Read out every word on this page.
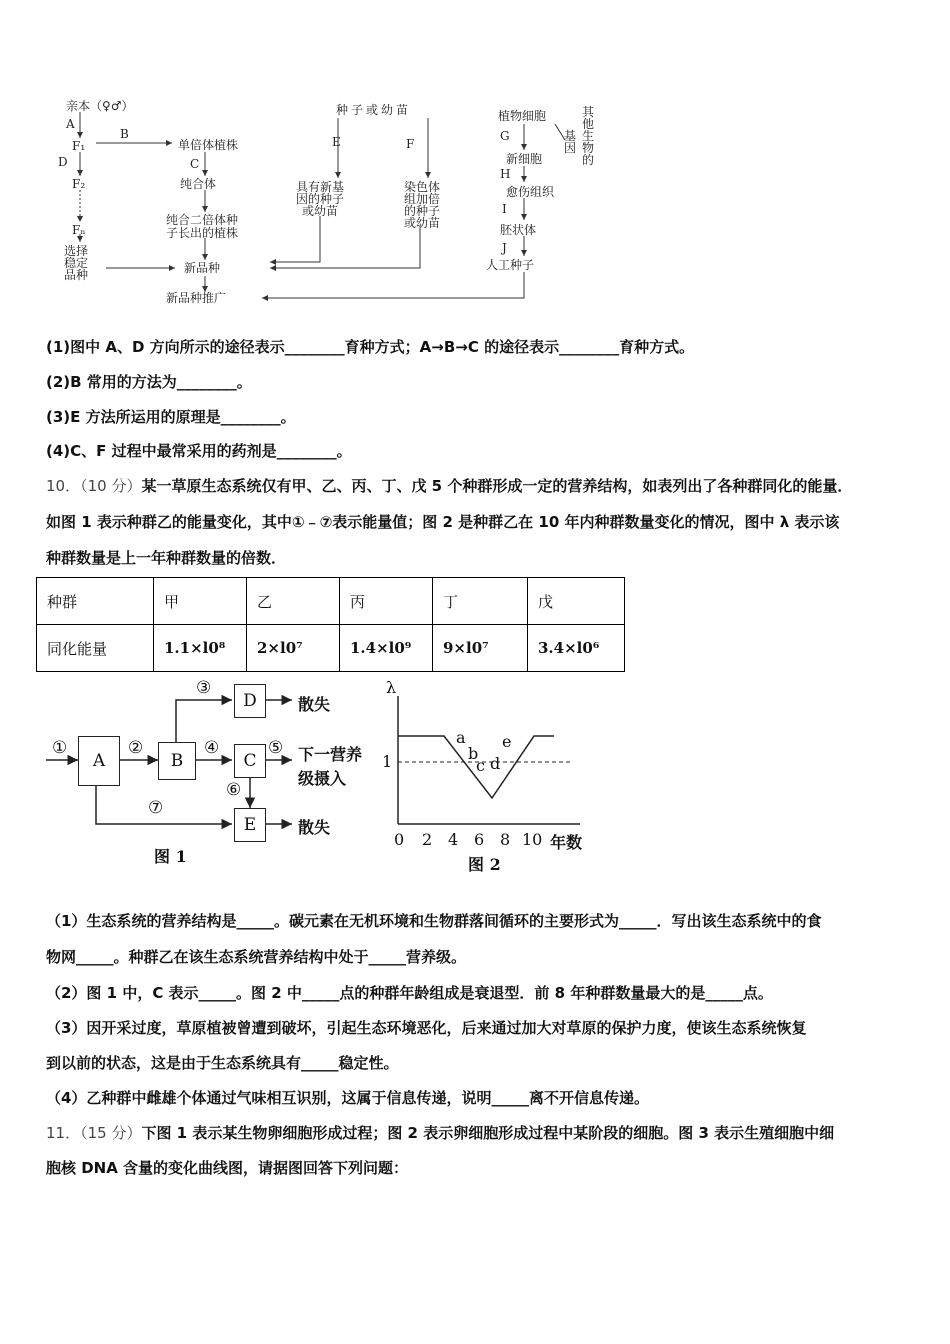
亲本（♀♂）
A
F₁
D
F₂
Fₙ
选择
稳定
品种
B
单倍体植株
C
纯合体
纯合二倍体种
子长出的植株
新品种
新品种推广
种子或幼苗
E	F
具有新基
因的种子
或幼苗
染色体
组加倍
的种子
或幼苗
植物细胞	其
他
生
物
的
G	基
因
新细胞
H
愈伤组织
I
胚状体
J
人工种子
(1)图中 A、D 方向所示的途径表示________育种方式；A→B→C 的途径表示________育种方式。
(2)B 常用的方法为________。
(3)E 方法所运用的原理是________。
(4)C、F 过程中最常采用的药剂是________。
10．（10 分）某一草原生态系统仅有甲、乙、丙、丁、戊 5 个种群形成一定的营养结构，如表列出了各种群同化的能量．
如图 1 表示种群乙的能量变化，其中①﹣⑦表示能量值；图 2 是种群乙在 10 年内种群数量变化的情况，图中 λ 表示该
种群数量是上一年种群数量的倍数．
种群	甲	乙	丙	丁	戊
同化能量	1.1×l0⁸	2×l0⁷	1.4×l0⁹	9×l0⁷	3.4×l0⁶
A	B	C
D
E
①	②
③
④	⑤
⑥
⑦
散失
下一营养
级摄入
散失
图 1
λ
1
0 2 4 6 8 10 年数
a
b
c d
e
图 2
（1）生态系统的营养结构是_____。碳元素在无机环境和生物群落间循环的主要形式为_____．写出该生态系统中的食
物网_____。种群乙在该生态系统营养结构中处于_____营养级。
（2）图 1 中，C 表示_____。图 2 中_____点的种群年龄组成是衰退型．前 8 年种群数量最大的是_____点。
（3）因开采过度，草原植被曾遭到破坏，引起生态环境恶化，后来通过加大对草原的保护力度，使该生态系统恢复
到以前的状态，这是由于生态系统具有_____稳定性。
（4）乙种群中雌雄个体通过气味相互识别，这属于信息传递，说明_____离不开信息传递。
11．（15 分）下图 1 表示某生物卵细胞形成过程；图 2 表示卵细胞形成过程中某阶段的细胞。图 3 表示生殖细胞中细
胞核 DNA 含量的变化曲线图，请据图回答下列问题：
